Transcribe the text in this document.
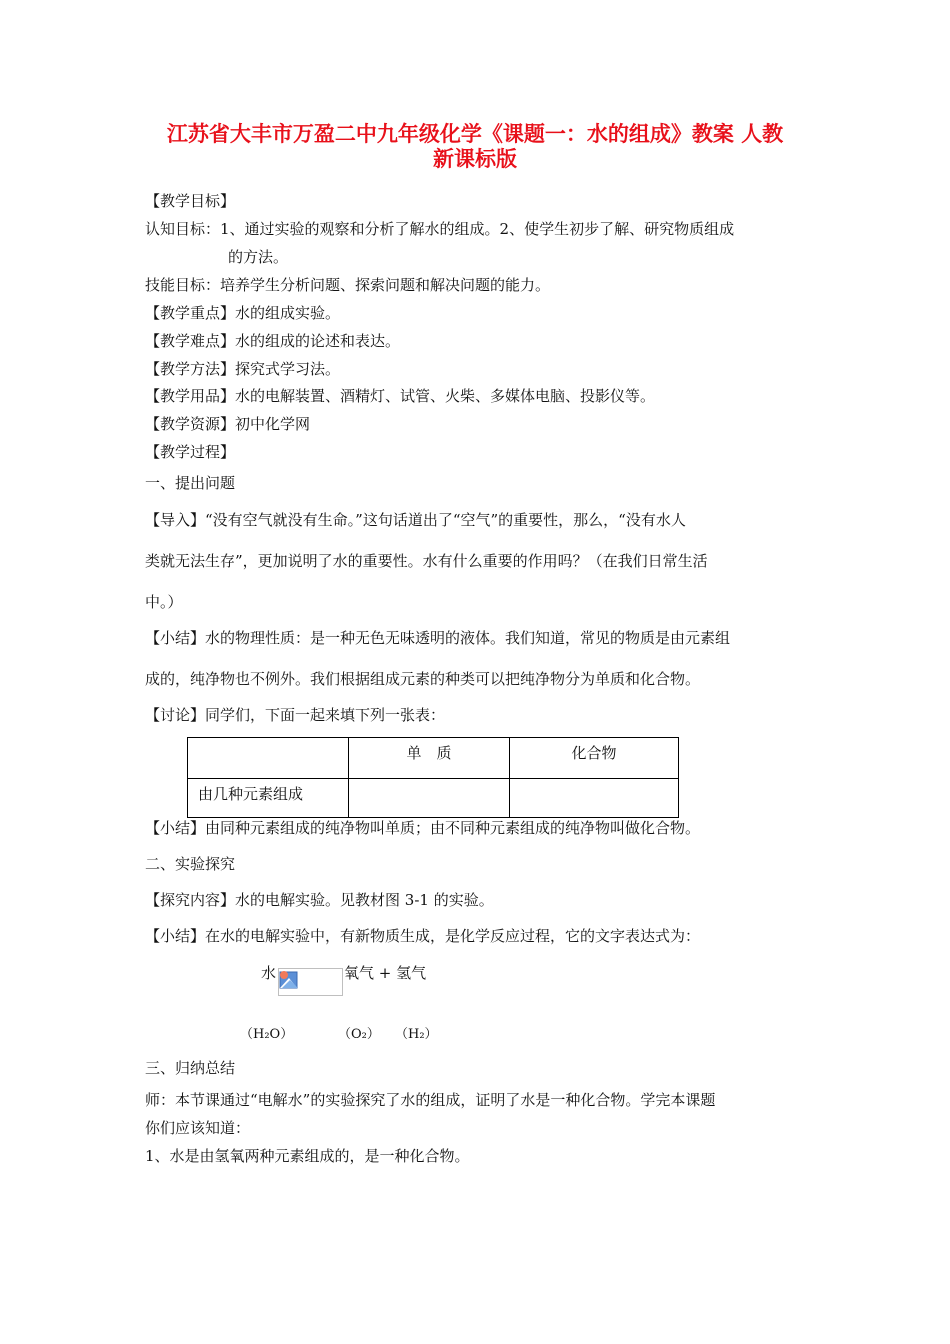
江苏省大丰市万盈二中九年级化学《课题一：水的组成》教案 人教
新课标版
【教学目标】
认知目标：1、通过实验的观察和分析了解水的组成。2、使学生初步了解、研究物质组成
的方法。
技能目标：培养学生分析问题、探索问题和解决问题的能力。
【教学重点】水的组成实验。
【教学难点】水的组成的论述和表达。
【教学方法】探究式学习法。
【教学用品】水的电解装置、酒精灯、试管、火柴、多媒体电脑、投影仪等。
【教学资源】初中化学网
【教学过程】
一、提出问题
【导入】“没有空气就没有生命。”这句话道出了“空气”的重要性，那么，“没有水人
类就无法生存”，更加说明了水的重要性。水有什么重要的作用吗？（在我们日常生活
中。）
【小结】水的物理性质：是一种无色无味透明的液体。我们知道，常见的物质是由元素组
成的，纯净物也不例外。我们根据组成元素的种类可以把纯净物分为单质和化合物。
【讨论】同学们，下面一起来填下列一张表：
	单　质	化合物
由几种元素组成		
【小结】由同种元素组成的纯净物叫单质；由不同种元素组成的纯净物叫做化合物。
二、实验探究
【探究内容】水的电解实验。见教材图 3-1 的实验。
【小结】在水的电解实验中，有新物质生成，是化学反应过程，它的文字表达式为：
水	氧气 + 氢气
（H₂O）	（O₂） （H₂）
三、归纳总结
师：本节课通过“电解水”的实验探究了水的组成，证明了水是一种化合物。学完本课题
你们应该知道：
1、水是由氢氧两种元素组成的，是一种化合物。
